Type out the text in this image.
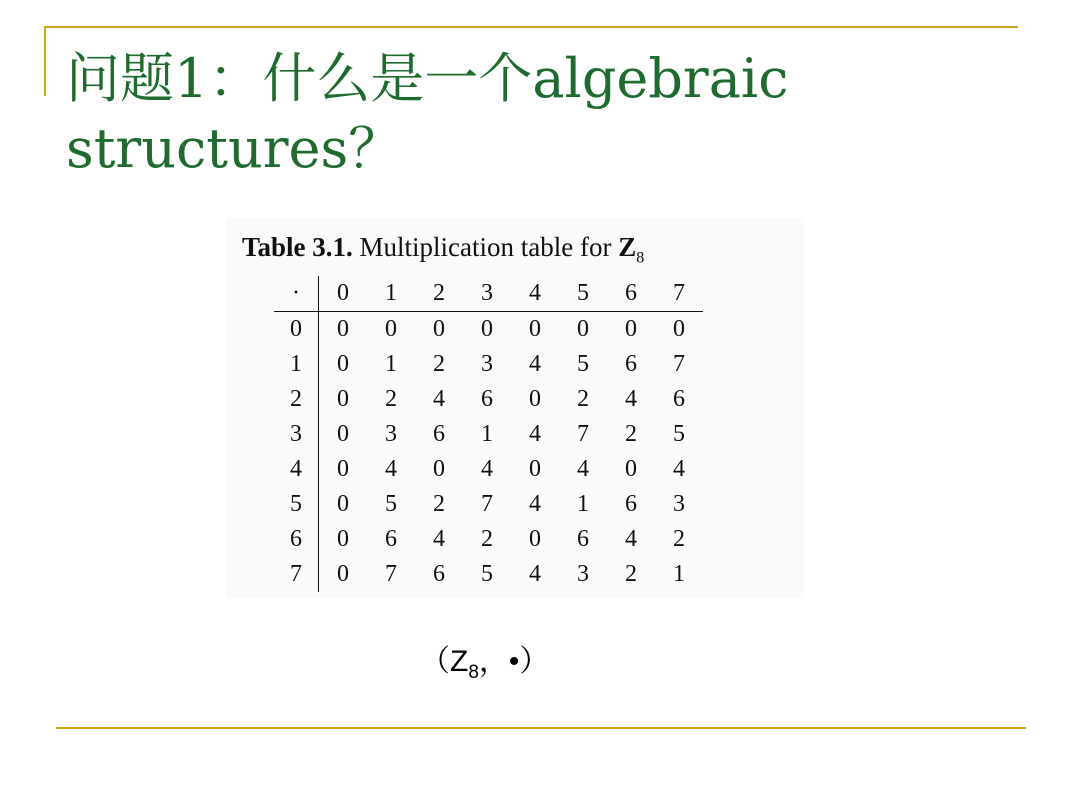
问题1：什么是一个algebraic structures？
Table 3.1. Multiplication table for $Z_8$
·	0	1	2	3	4	5	6	7
0	0	0	0	0	0	0	0	0
1	0	1	2	3	4	5	6	7
2	0	2	4	6	0	2	4	6
3	0	3	6	1	4	7	2	5
4	0	4	0	4	0	4	0	4
5	0	5	2	7	4	1	6	3
6	0	6	4	2	0	6	4	2
7	0	7	6	5	4	3	2	1
（$Z_8$，•）
